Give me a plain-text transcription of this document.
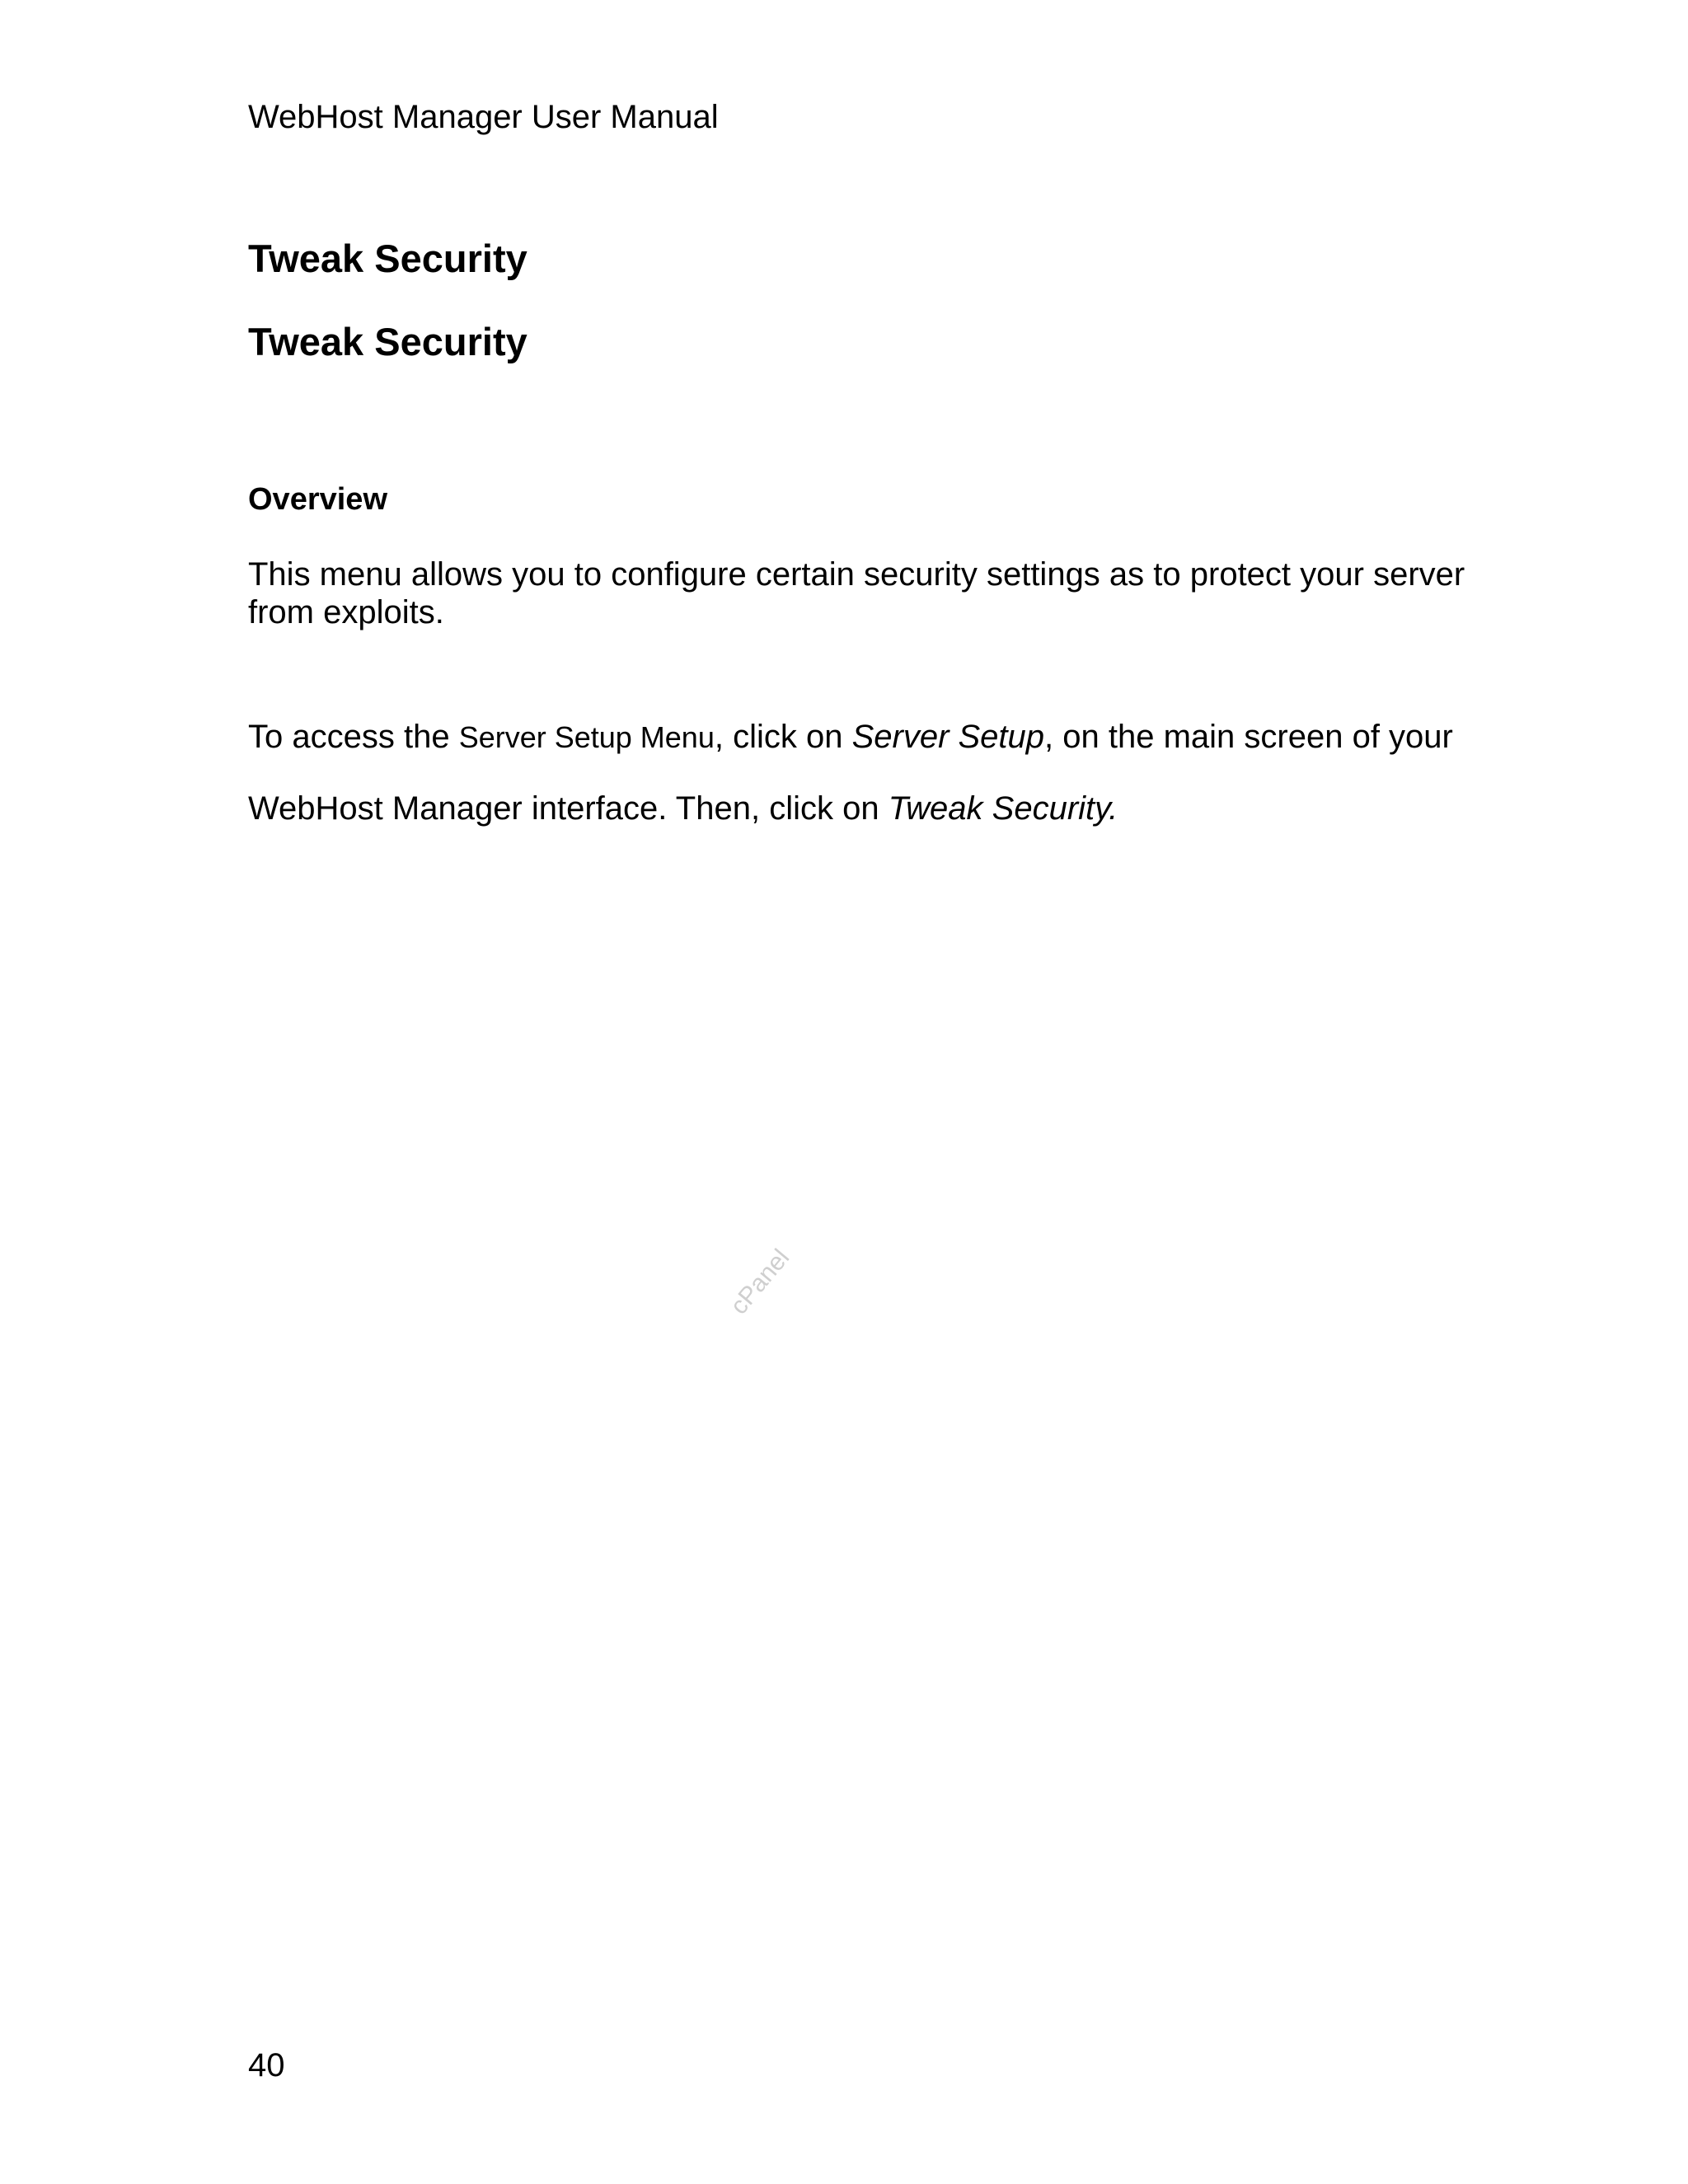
WebHost Manager User Manual
Tweak Security
Tweak Security
Overview
This menu allows you to configure certain security settings as to protect your server from exploits.
To access the Server Setup Menu, click on Server Setup, on the main screen of your WebHost Manager interface. Then, click on Tweak Security.
cPanel
40
